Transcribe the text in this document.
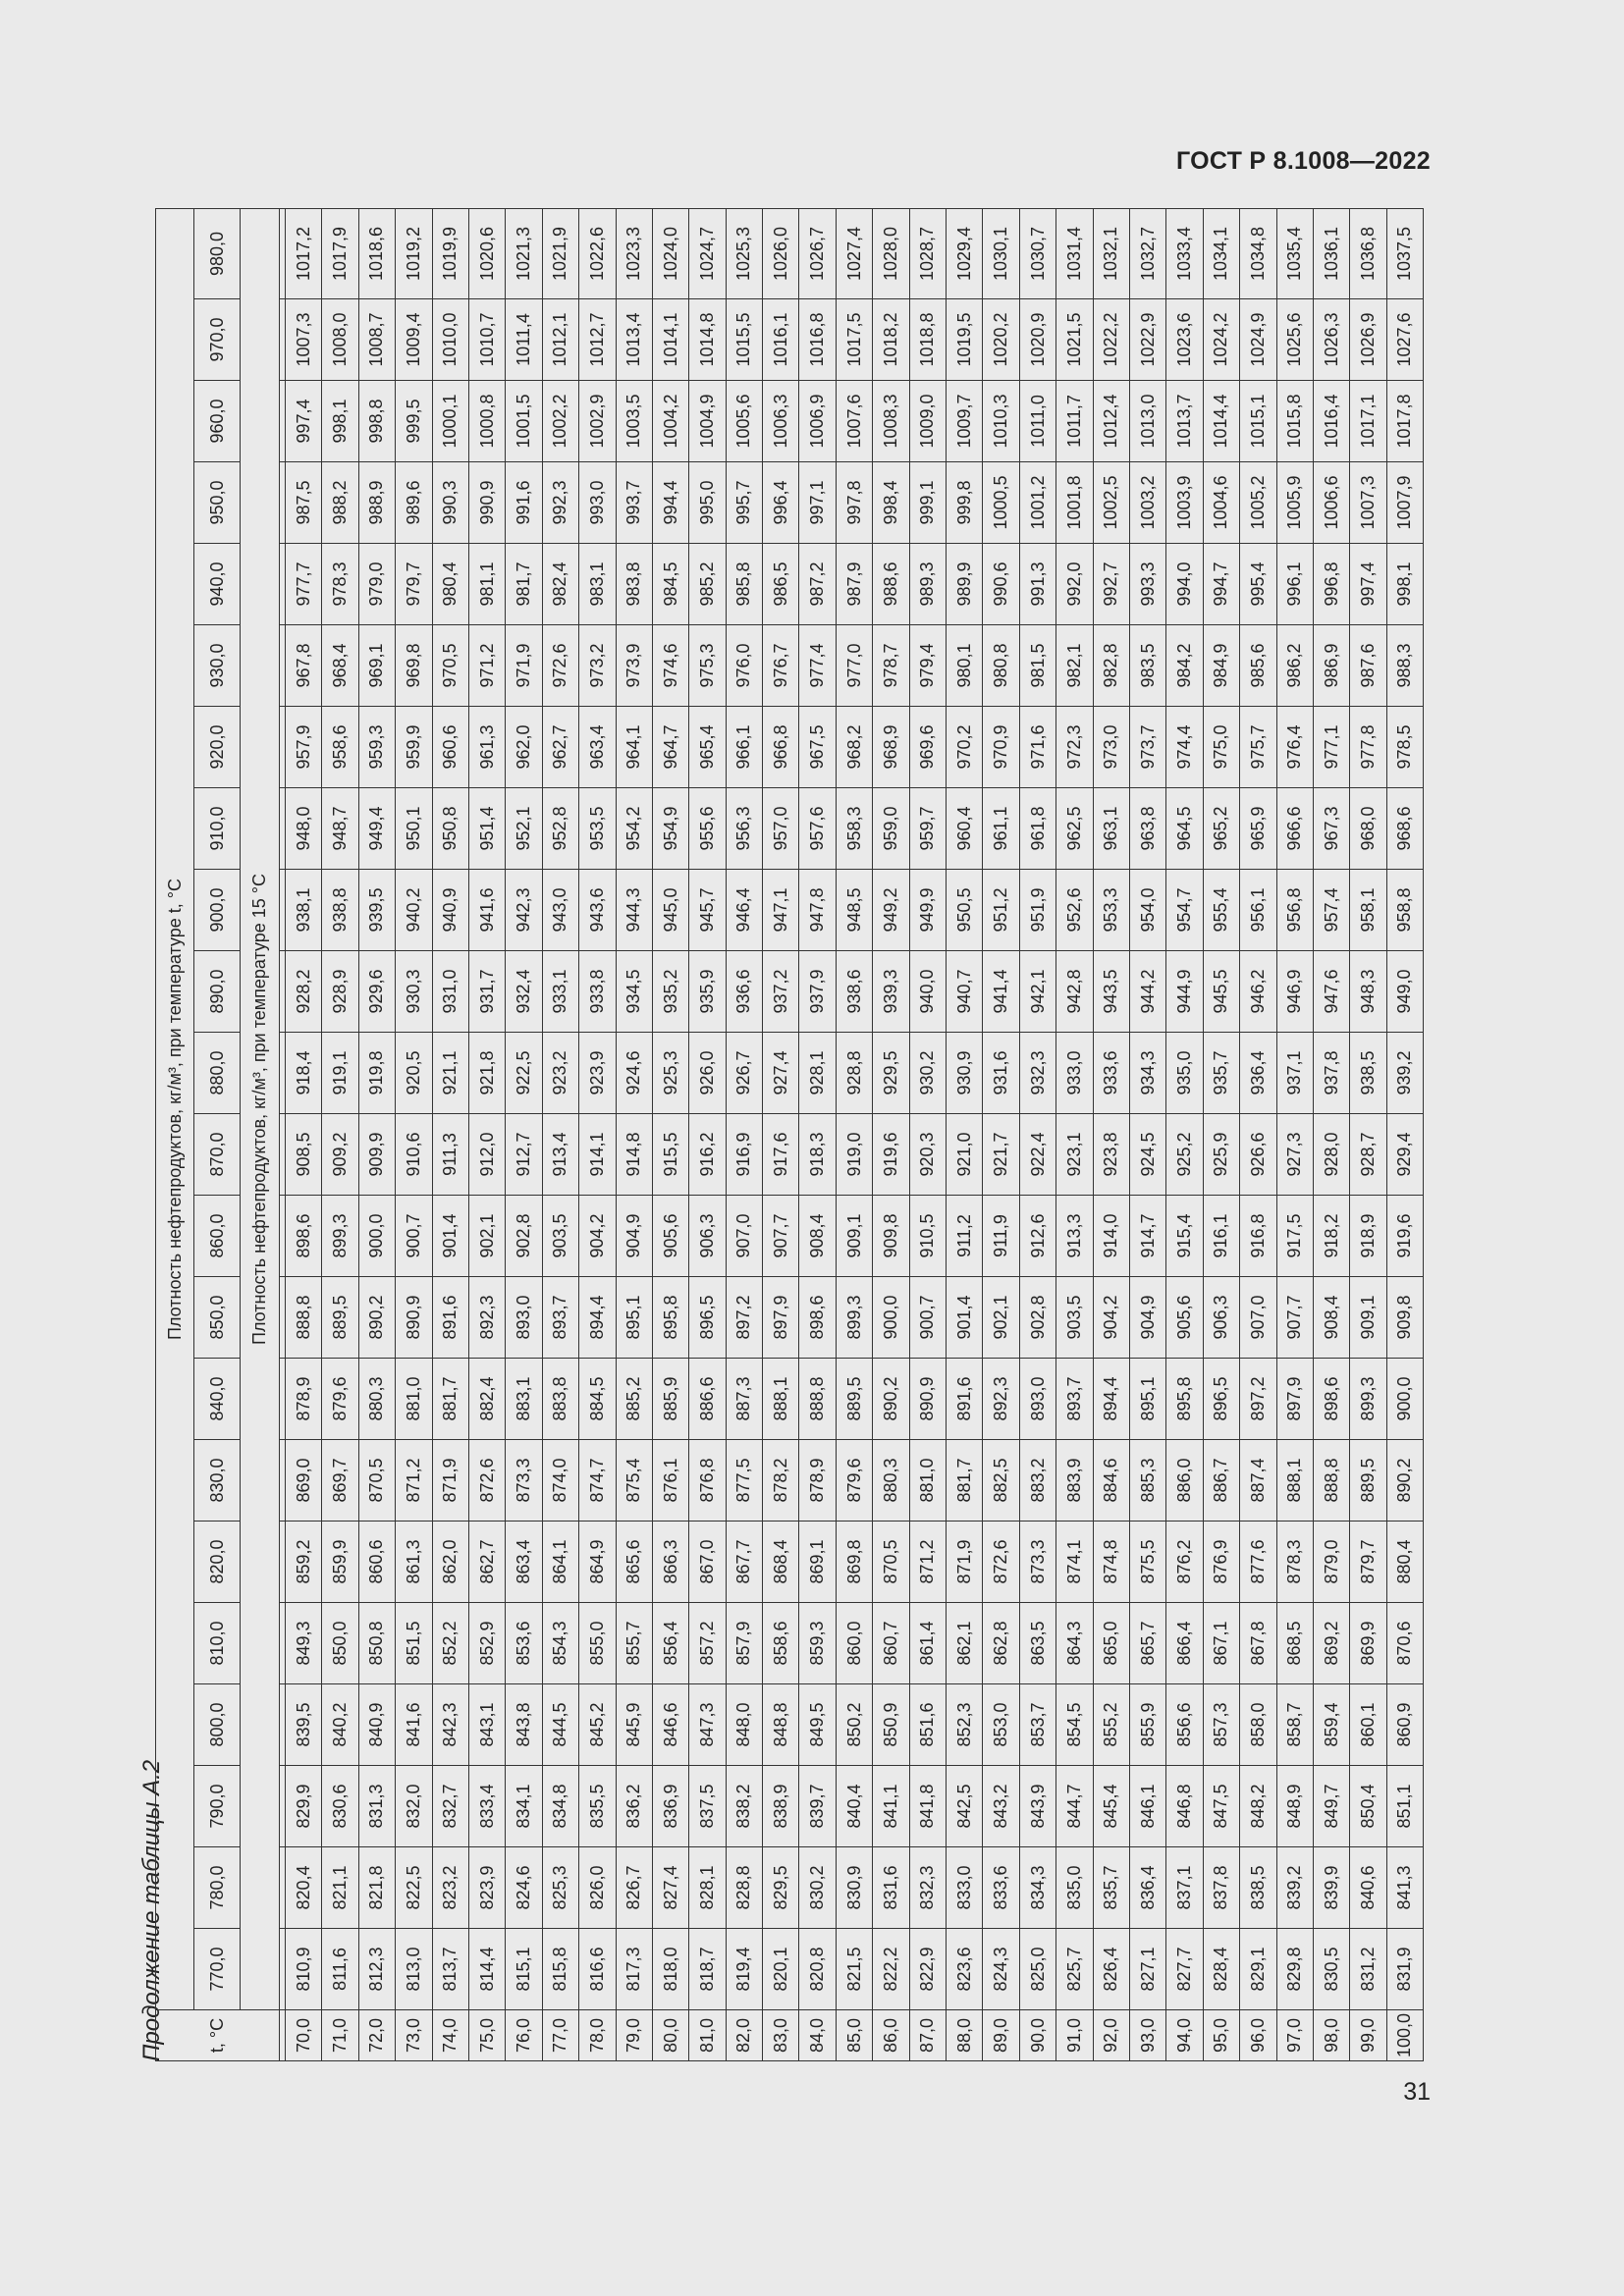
ГОСТ Р 8.1008—2022
Продолжение таблицы А.2 t, °C	Плотность нефтепродуктов, кг/м³, при температуре t, °C																					
	770,0	780,0	790,0	800,0	810,0	820,0	830,0	840,0	850,0	860,0	870,0	880,0	890,0	900,0	910,0	920,0	930,0	940,0	950,0	960,0	970,0	980,0
	Плотность нефтепродуктов, кг/м³, при температуре 15 °C																					

70,0	810,9	820,4	829,9	839,5	849,3	859,2	869,0	878,9	888,8	898,6	908,5	918,4	928,2	938,1	948,0	957,9	967,8	977,7	987,5	997,4	1007,3	1017,2
71,0	811,6	821,1	830,6	840,2	850,0	859,9	869,7	879,6	889,5	899,3	909,2	919,1	928,9	938,8	948,7	958,6	968,4	978,3	988,2	998,1	1008,0	1017,9
72,0	812,3	821,8	831,3	840,9	850,8	860,6	870,5	880,3	890,2	900,0	909,9	919,8	929,6	939,5	949,4	959,3	969,1	979,0	988,9	998,8	1008,7	1018,6
73,0	813,0	822,5	832,0	841,6	851,5	861,3	871,2	881,0	890,9	900,7	910,6	920,5	930,3	940,2	950,1	959,9	969,8	979,7	989,6	999,5	1009,4	1019,2
74,0	813,7	823,2	832,7	842,3	852,2	862,0	871,9	881,7	891,6	901,4	911,3	921,1	931,0	940,9	950,8	960,6	970,5	980,4	990,3	1000,1	1010,0	1019,9
75,0	814,4	823,9	833,4	843,1	852,9	862,7	872,6	882,4	892,3	902,1	912,0	921,8	931,7	941,6	951,4	961,3	971,2	981,1	990,9	1000,8	1010,7	1020,6
76,0	815,1	824,6	834,1	843,8	853,6	863,4	873,3	883,1	893,0	902,8	912,7	922,5	932,4	942,3	952,1	962,0	971,9	981,7	991,6	1001,5	1011,4	1021,3
77,0	815,8	825,3	834,8	844,5	854,3	864,1	874,0	883,8	893,7	903,5	913,4	923,2	933,1	943,0	952,8	962,7	972,6	982,4	992,3	1002,2	1012,1	1021,9
78,0	816,6	826,0	835,5	845,2	855,0	864,9	874,7	884,5	894,4	904,2	914,1	923,9	933,8	943,6	953,5	963,4	973,2	983,1	993,0	1002,9	1012,7	1022,6
79,0	817,3	826,7	836,2	845,9	855,7	865,6	875,4	885,2	895,1	904,9	914,8	924,6	934,5	944,3	954,2	964,1	973,9	983,8	993,7	1003,5	1013,4	1023,3
80,0	818,0	827,4	836,9	846,6	856,4	866,3	876,1	885,9	895,8	905,6	915,5	925,3	935,2	945,0	954,9	964,7	974,6	984,5	994,4	1004,2	1014,1	1024,0
81,0	818,7	828,1	837,5	847,3	857,2	867,0	876,8	886,6	896,5	906,3	916,2	926,0	935,9	945,7	955,6	965,4	975,3	985,2	995,0	1004,9	1014,8	1024,7
82,0	819,4	828,8	838,2	848,0	857,9	867,7	877,5	887,3	897,2	907,0	916,9	926,7	936,6	946,4	956,3	966,1	976,0	985,8	995,7	1005,6	1015,5	1025,3
83,0	820,1	829,5	838,9	848,8	858,6	868,4	878,2	888,1	897,9	907,7	917,6	927,4	937,2	947,1	957,0	966,8	976,7	986,5	996,4	1006,3	1016,1	1026,0
84,0	820,8	830,2	839,7	849,5	859,3	869,1	878,9	888,8	898,6	908,4	918,3	928,1	937,9	947,8	957,6	967,5	977,4	987,2	997,1	1006,9	1016,8	1026,7
85,0	821,5	830,9	840,4	850,2	860,0	869,8	879,6	889,5	899,3	909,1	919,0	928,8	938,6	948,5	958,3	968,2	977,0	987,9	997,8	1007,6	1017,5	1027,4
86,0	822,2	831,6	841,1	850,9	860,7	870,5	880,3	890,2	900,0	909,8	919,6	929,5	939,3	949,2	959,0	968,9	978,7	988,6	998,4	1008,3	1018,2	1028,0
87,0	822,9	832,3	841,8	851,6	861,4	871,2	881,0	890,9	900,7	910,5	920,3	930,2	940,0	949,9	959,7	969,6	979,4	989,3	999,1	1009,0	1018,8	1028,7
88,0	823,6	833,0	842,5	852,3	862,1	871,9	881,7	891,6	901,4	911,2	921,0	930,9	940,7	950,5	960,4	970,2	980,1	989,9	999,8	1009,7	1019,5	1029,4
89,0	824,3	833,6	843,2	853,0	862,8	872,6	882,5	892,3	902,1	911,9	921,7	931,6	941,4	951,2	961,1	970,9	980,8	990,6	1000,5	1010,3	1020,2	1030,1
90,0	825,0	834,3	843,9	853,7	863,5	873,3	883,2	893,0	902,8	912,6	922,4	932,3	942,1	951,9	961,8	971,6	981,5	991,3	1001,2	1011,0	1020,9	1030,7
91,0	825,7	835,0	844,7	854,5	864,3	874,1	883,9	893,7	903,5	913,3	923,1	933,0	942,8	952,6	962,5	972,3	982,1	992,0	1001,8	1011,7	1021,5	1031,4
92,0	826,4	835,7	845,4	855,2	865,0	874,8	884,6	894,4	904,2	914,0	923,8	933,6	943,5	953,3	963,1	973,0	982,8	992,7	1002,5	1012,4	1022,2	1032,1
93,0	827,1	836,4	846,1	855,9	865,7	875,5	885,3	895,1	904,9	914,7	924,5	934,3	944,2	954,0	963,8	973,7	983,5	993,3	1003,2	1013,0	1022,9	1032,7
94,0	827,7	837,1	846,8	856,6	866,4	876,2	886,0	895,8	905,6	915,4	925,2	935,0	944,9	954,7	964,5	974,4	984,2	994,0	1003,9	1013,7	1023,6	1033,4
95,0	828,4	837,8	847,5	857,3	867,1	876,9	886,7	896,5	906,3	916,1	925,9	935,7	945,5	955,4	965,2	975,0	984,9	994,7	1004,6	1014,4	1024,2	1034,1
96,0	829,1	838,5	848,2	858,0	867,8	877,6	887,4	897,2	907,0	916,8	926,6	936,4	946,2	956,1	965,9	975,7	985,6	995,4	1005,2	1015,1	1024,9	1034,8
97,0	829,8	839,2	848,9	858,7	868,5	878,3	888,1	897,9	907,7	917,5	927,3	937,1	946,9	956,8	966,6	976,4	986,2	996,1	1005,9	1015,8	1025,6	1035,4
98,0	830,5	839,9	849,7	859,4	869,2	879,0	888,8	898,6	908,4	918,2	928,0	937,8	947,6	957,4	967,3	977,1	986,9	996,8	1006,6	1016,4	1026,3	1036,1
99,0	831,2	840,6	850,4	860,1	869,9	879,7	889,5	899,3	909,1	918,9	928,7	938,5	948,3	958,1	968,0	977,8	987,6	997,4	1007,3	1017,1	1026,9	1036,8
100,0	831,9	841,3	851,1	860,9	870,6	880,4	890,2	900,0	909,8	919,6	929,4	939,2	949,0	958,8	968,6	978,5	988,3	998,1	1007,9	1017,8	1027,6	1037,5
31
